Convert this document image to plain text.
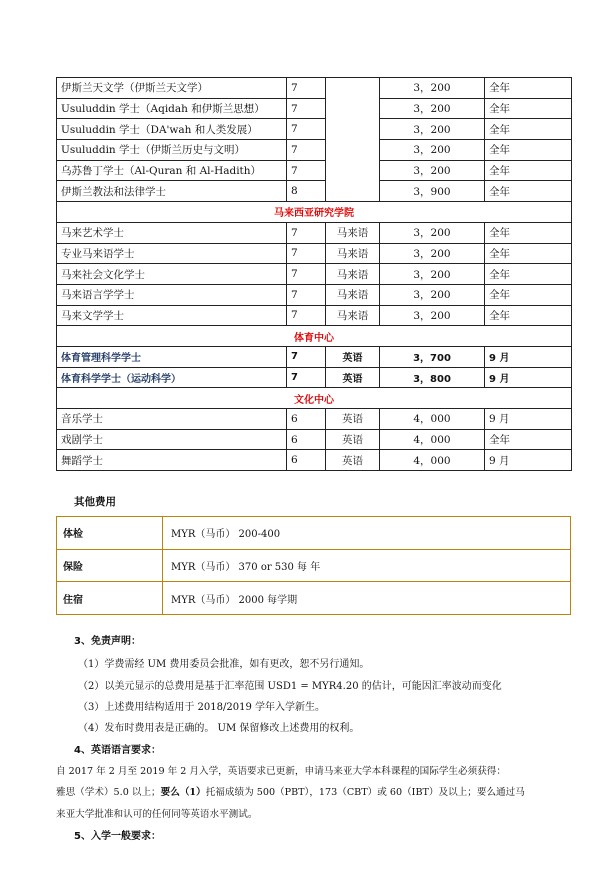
伊斯兰天文学（伊斯兰天文学）	7		3，200	全年
Usuluddin 学士（Aqidah 和伊斯兰思想）	7		3，200	全年
Usuluddin 学士（DA'wah 和人类发展）	7		3，200	全年
Usuluddin 学士（伊斯兰历史与文明）	7		3，200	全年
乌苏鲁丁学士（Al-Quran 和 Al-Hadith）	7		3，200	全年
伊斯兰教法和法律学士	8		3，900	全年
马来西亚研究学院				
马来艺术学士	7	马来语	3，200	全年
专业马来语学士	7	马来语	3，200	全年
马来社会文化学士	7	马来语	3，200	全年
马来语言学学士	7	马来语	3，200	全年
马来文学学士	7	马来语	3，200	全年
体育中心				
体育管理科学学士	7	英语	3，700	9 月
体育科学学士（运动科学）	7	英语	3，800	9 月
文化中心				
音乐学士	6	英语	4，000	9 月
戏剧学士	6	英语	4，000	全年
舞蹈学士	6	英语	4，000	9 月
其他费用
体检	MYR（马币） 200-400
保险	MYR（马币） 370 or 530 每 年
住宿	MYR（马币） 2000 每学期
3、免责声明：
（1）学费需经 UM 费用委员会批准，如有更改，恕不另行通知。
（2）以美元显示的总费用是基于汇率范围 USD1 = MYR4.20 的估计，可能因汇率波动而变化
（3）上述费用结构适用于 2018/2019 学年入学新生。
（4）发布时费用表是正确的。 UM 保留修改上述费用的权利。
4、英语语言要求：
自 2017 年 2 月至 2019 年 2 月入学，英语要求已更新，申请马来亚大学本科课程的国际学生必须获得：
雅思（学术）5.0 以上；要么（1）托福成绩为 500（PBT），173（CBT）或 60（IBT）及以上；要么通过马
来亚大学批准和认可的任何同等英语水平测试。
5、入学一般要求：
